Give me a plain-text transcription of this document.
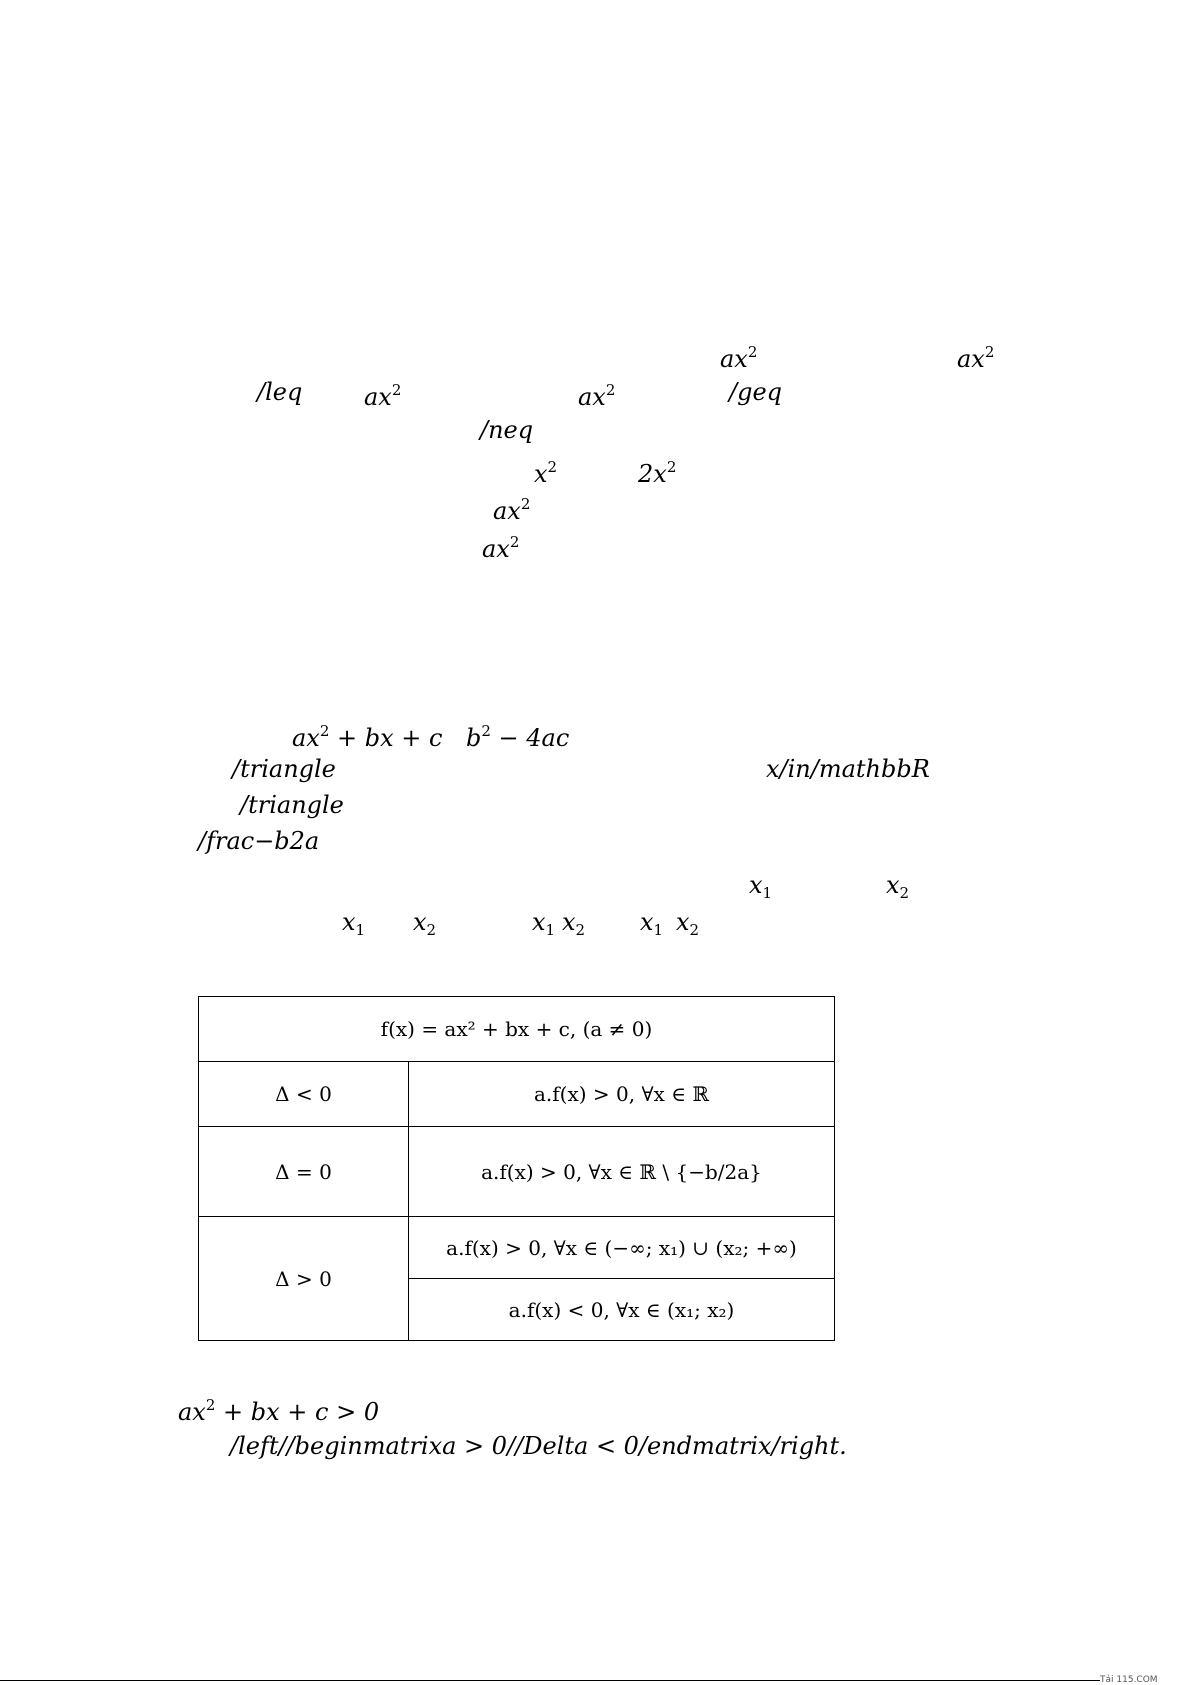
$ax^2$	$ax^2$
/leq	$ax^2$	$ax^2$	/geq
/neq
$x^2$	$2x^2$
$ax^2$
$ax^2$
$ax^2$ + bx + c $b^2 - 4ac$
/triangle	x/in/mathbbR
/triangle
/frac−b2a
$x_1$	$x_2$
$x_1$ $x_2$	$x_1$ $x_2$ $x_1$ $x_2$
f(x) = ax² + bx + c, (a ≠ 0)	
Δ < 0	a.f(x) > 0, ∀x ∈ ℝ
Δ = 0	a.f(x) > 0, ∀x ∈ ℝ \ {−b/2a}
Δ > 0	a.f(x) > 0, ∀x ∈ (−∞; x₁) ∪ (x₂; +∞)
	a.f(x) < 0, ∀x ∈ (x₁; x₂)
$ax^2$ + bx + c > 0
/left//beginmatrixa > 0//Delta < 0/endmatrix/right.
Tải 115.COM
